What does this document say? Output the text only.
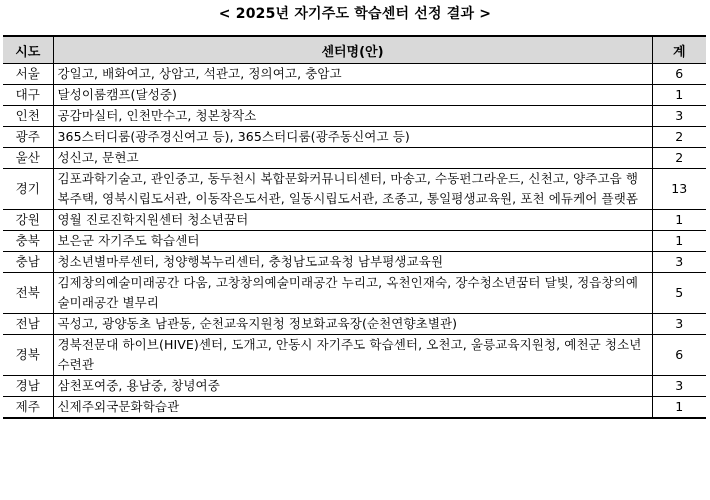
< 2025년 자기주도 학습센터 선정 결과 >
시도	센터명(안)	계
서울	강일고, 배화여고, 상암고, 석관고, 정의여고, 충암고	6
대구	달성이룸캠프(달성중)	1
인천	공감마실터, 인천만수고, 청본창작소	3
광주	365스터디룸(광주경신여고 등), 365스터디룸(광주동신여고 등)	2
울산	성신고, 문현고	2
경기	김포과학기술고, 관인중고, 동두천시 복합문화커뮤니티센터, 마송고, 수동펀그라운드, 신천고, 양주고읍 행복주택, 영북시립도서관, 이동작은도서관, 일동시립도서관, 조종고, 통일평생교육원, 포천 에듀케어 플랫폼	13
강원	영월 진로진학지원센터 청소년꿈터	1
충북	보은군 자기주도 학습센터	1
충남	청소년별마루센터, 청양행복누리센터, 충청남도교육청 남부평생교육원	3
전북	김제창의예술미래공간 다움, 고창창의예술미래공간 누리고, 옥천인재숙, 장수청소년꿈터 달빛, 정읍창의예술미래공간 별무리	5
전남	곡성고, 광양동초 남관동, 순천교육지원청 정보화교육장(순천연향초별관)	3
경북	경북전문대 하이브(HIVE)센터, 도개고, 안동시 자기주도 학습센터, 오천고, 울릉교육지원청, 예천군 청소년수련관	6
경남	삼천포여중, 용남중, 창녕여중	3
제주	신제주외국문화학습관	1
